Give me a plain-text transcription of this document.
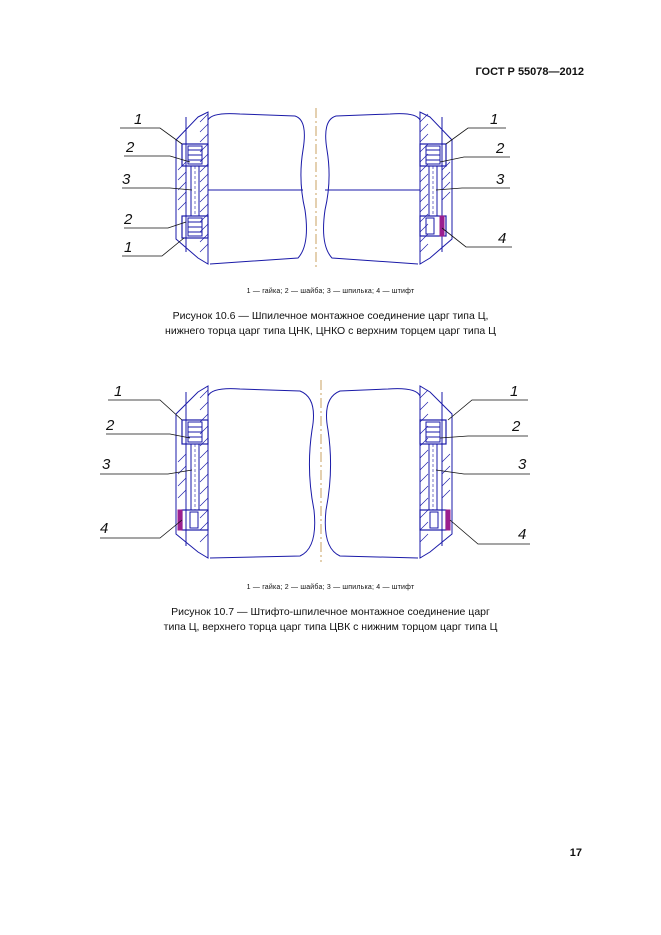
ГОСТ Р 55078—2012
1
2
3
2
1
1
2
3
4
1 — гайка; 2 — шайба; 3 — шпилька; 4 — штифт
Рисунок 10.6 — Шпилечное монтажное соединение царг типа Ц,
нижнего торца царг типа ЦНК, ЦНКО с верхним торцем царг типа Ц
1
2
3
4
1
2
3
4
1 — гайка; 2 — шайба; 3 — шпилька; 4 — штифт
Рисунок 10.7 — Штифто-шпилечное монтажное соединение царг
типа Ц, верхнего торца царг типа ЦВК с нижним торцом царг типа Ц
17
